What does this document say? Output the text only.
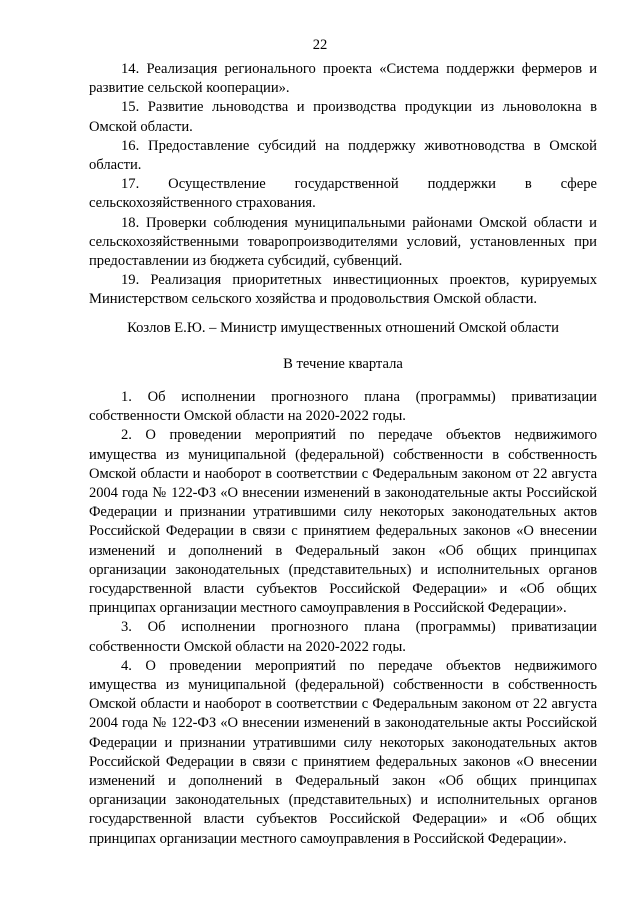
22

14. Реализация регионального проекта «Система поддержки фермеров и развитие сельской кооперации».

15. Развитие льноводства и производства продукции из льноволокна в Омской области.

16. Предоставление субсидий на поддержку животноводства в Омской области.

17. Осуществление государственной поддержки в сфере сельскохозяйственного страхования.

18. Проверки соблюдения муниципальными районами Омской области и сельскохозяйственными товаропроизводителями условий, установленных при предоставлении из бюджета субсидий, субвенций.

19. Реализация приоритетных инвестиционных проектов, курируемых Министерством сельского хозяйства и продовольствия Омской области.

Козлов Е.Ю. – Министр имущественных отношений Омской области
В течение квартала

1. Об исполнении прогнозного плана (программы) приватизации собственности Омской области на 2020-2022 годы.

2. О проведении мероприятий по передаче объектов недвижимого имущества из муниципальной (федеральной) собственности в собственность Омской области и наоборот в соответствии с Федеральным законом от 22 августа 2004 года № 122-ФЗ «О внесении изменений в законодательные акты Российской Федерации и признании утратившими силу некоторых законодательных актов Российской Федерации в связи с принятием федеральных законов «О внесении изменений и дополнений в Федеральный закон «Об общих принципах организации законодательных (представительных) и исполнительных органов государственной власти субъектов Российской Федерации» и «Об общих принципах организации местного самоуправления в Российской Федерации».

3. Об исполнении прогнозного плана (программы) приватизации собственности Омской области на 2020-2022 годы.

4. О проведении мероприятий по передаче объектов недвижимого имущества из муниципальной (федеральной) собственности в собственность Омской области и наоборот в соответствии с Федеральным законом от 22 августа 2004 года № 122-ФЗ «О внесении изменений в законодательные акты Российской Федерации и признании утратившими силу некоторых законодательных актов Российской Федерации в связи с принятием федеральных законов «О внесении изменений и дополнений в Федеральный закон «Об общих принципах организации законодательных (представительных) и исполнительных органов государственной власти субъектов Российской Федерации» и «Об общих принципах организации местного самоуправления в Российской Федерации».
